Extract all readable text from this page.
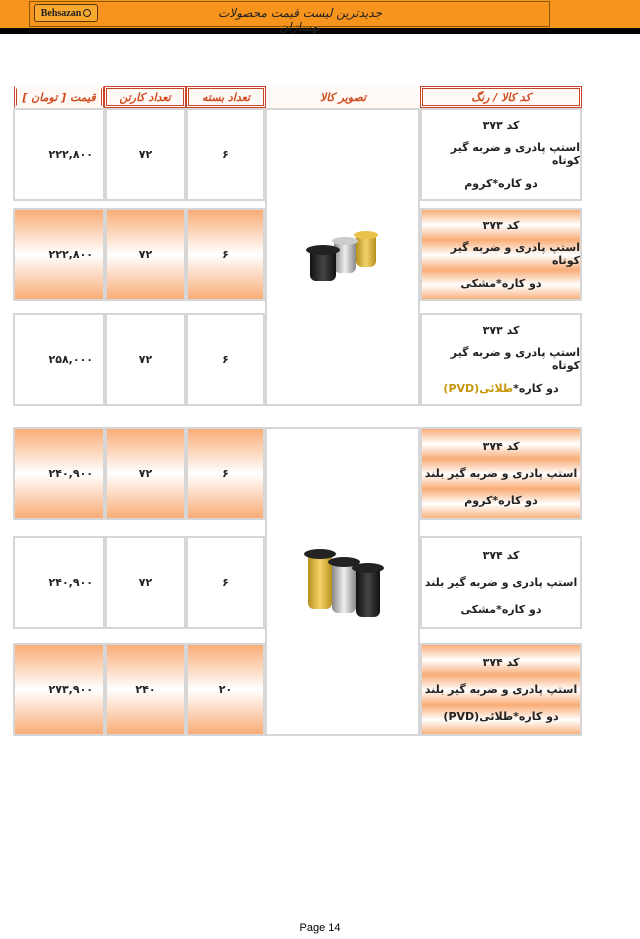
Behsazan	جدیدترین لیست قیمت محصولات بهسازان
کد کالا / رنگ
تصویر کالا
تعداد بسته
تعداد کارتن
قیمت [ تومان ]
کد ۳۷۳
استپ پادری و ضربه گیر کوتاه
دو کاره*کروم
۶
۷۲
۲۲۲,۸۰۰
کد ۳۷۳
استپ پادری و ضربه گیر کوتاه
دو کاره*مشکی
۶
۷۲
۲۲۲,۸۰۰
کد ۳۷۳
استپ پادری و ضربه گیر کوتاه
دو کاره*طلائی(PVD)
۶
۷۲
۲۵۸,۰۰۰
کد ۳۷۴
استپ پادری و ضربه گیر بلند
دو کاره*کروم
۶
۷۲
۲۴۰,۹۰۰
کد ۳۷۴
استپ پادری و ضربه گیر بلند
دو کاره*مشکی
۶
۷۲
۲۴۰,۹۰۰
کد ۳۷۴
استپ پادری و ضربه گیر بلند
دو کاره*طلائی(PVD)
۲۰
۲۴۰
۲۷۳,۹۰۰
Page 14
